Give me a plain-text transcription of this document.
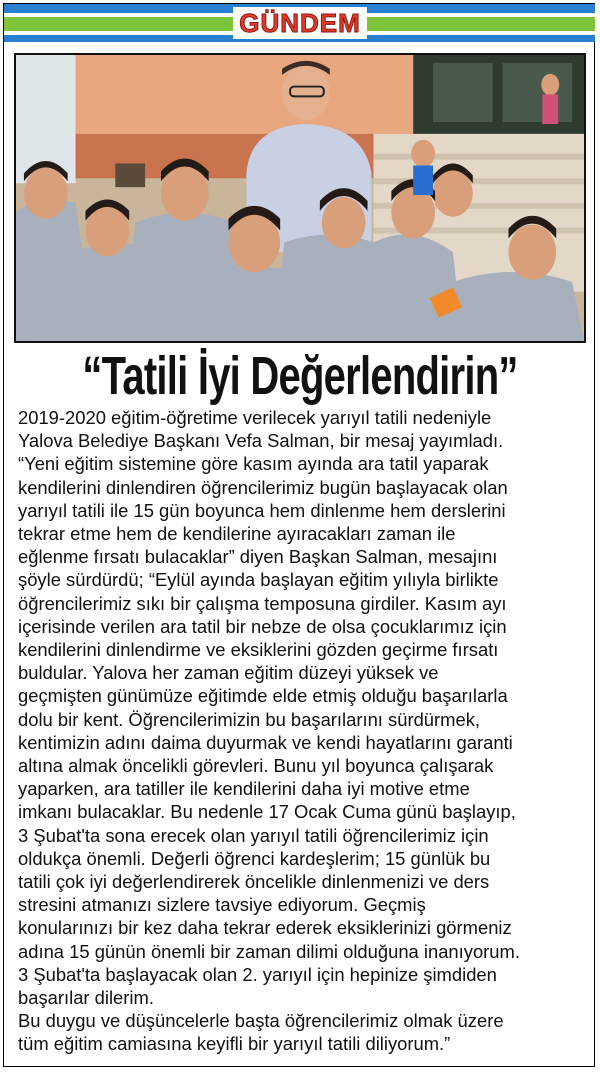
GÜNDEM
“Tatili İyi Değerlendirin”

2019-2020 eğitim-öğretime verilecek yarıyıl tatili nedeniyle

Yalova Belediye Başkanı Vefa Salman, bir mesaj yayımladı.

“Yeni eğitim sistemine göre kasım ayında ara tatil yaparak

kendilerini dinlendiren öğrencilerimiz bugün başlayacak olan

yarıyıl tatili ile 15 gün boyunca hem dinlenme hem derslerini

tekrar etme hem de kendilerine ayıracakları zaman ile

eğlenme fırsatı bulacaklar” diyen Başkan Salman, mesajını

şöyle sürdürdü; “Eylül ayında başlayan eğitim yılıyla birlikte

öğrencilerimiz sıkı bir çalışma temposuna girdiler. Kasım ayı

içerisinde verilen ara tatil bir nebze de olsa çocuklarımız için

kendilerini dinlendirme ve eksiklerini gözden geçirme fırsatı

buldular. Yalova her zaman eğitim düzeyi yüksek ve

geçmişten günümüze eğitimde elde etmiş olduğu başarılarla

dolu bir kent. Öğrencilerimizin bu başarılarını sürdürmek,

kentimizin adını daima duyurmak ve kendi hayatlarını garanti

altına almak öncelikli görevleri. Bunu yıl boyunca çalışarak

yaparken, ara tatiller ile kendilerini daha iyi motive etme

imkanı bulacaklar. Bu nedenle 17 Ocak Cuma günü başlayıp,

3 Şubat'ta sona erecek olan yarıyıl tatili öğrencilerimiz için

oldukça önemli. Değerli öğrenci kardeşlerim; 15 günlük bu

tatili çok iyi değerlendirerek öncelikle dinlenmenizi ve ders

stresini atmanızı sizlere tavsiye ediyorum. Geçmiş

konularınızı bir kez daha tekrar ederek eksiklerinizi görmeniz

adına 15 günün önemli bir zaman dilimi olduğuna inanıyorum.

3 Şubat'ta başlayacak olan 2. yarıyıl için hepinize şimdiden

başarılar dilerim.

Bu duygu ve düşüncelerle başta öğrencilerimiz olmak üzere

tüm eğitim camiasına keyifli bir yarıyıl tatili diliyorum.”
